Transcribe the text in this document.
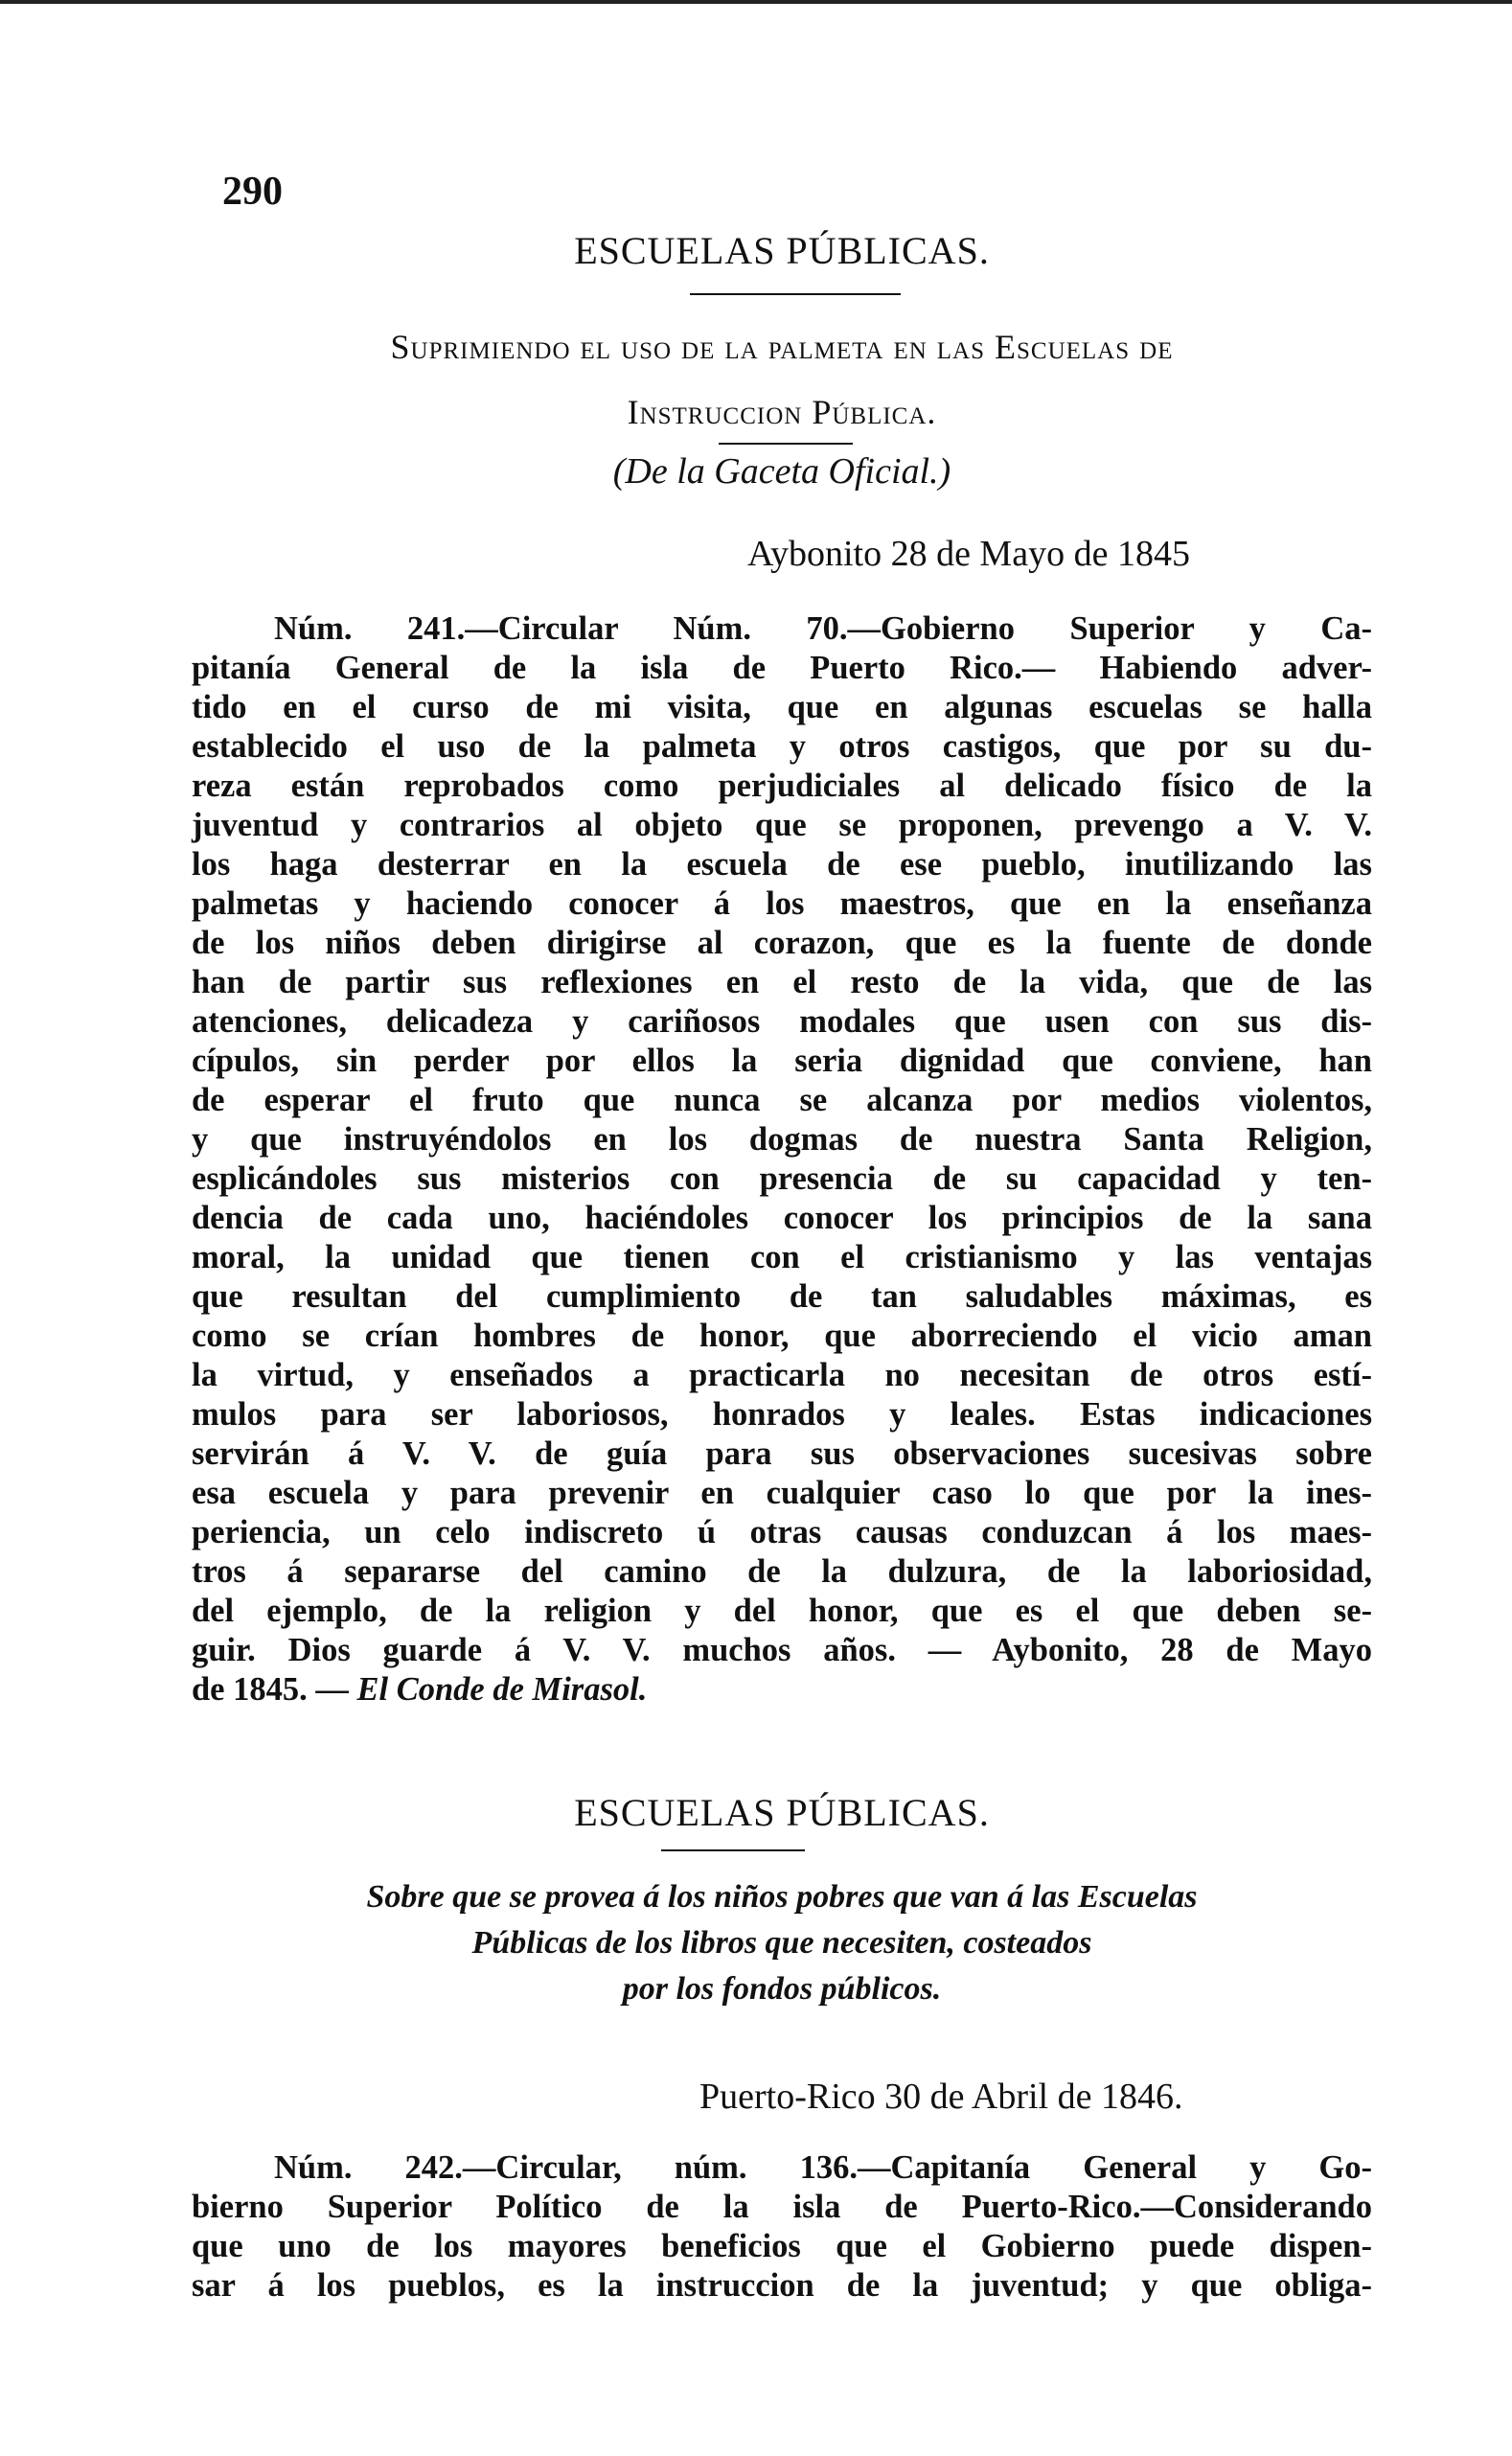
290
ESCUELAS PÚBLICAS.
Suprimiendo el uso de la palmeta en las Escuelas de
Instruccion Pública.
(De la Gaceta Oficial.)
Aybonito 28 de Mayo de 1845
Núm. 241.—Circular Núm. 70.—Gobierno Superior y Ca-
pitanía General de la isla de Puerto Rico.— Habiendo adver-
tido en el curso de mi visita, que en algunas escuelas se halla
establecido el uso de la palmeta y otros castigos, que por su du-
reza están reprobados como perjudiciales al delicado físico de la
juventud y contrarios al objeto que se proponen, prevengo a V. V.
los haga desterrar en la escuela de ese pueblo, inutilizando las
palmetas y haciendo conocer á los maestros, que en la enseñanza
de los niños deben dirigirse al corazon, que es la fuente de donde
han de partir sus reflexiones en el resto de la vida, que de las
atenciones, delicadeza y cariñosos modales que usen con sus dis-
cípulos, sin perder por ellos la seria dignidad que conviene, han
de esperar el fruto que nunca se alcanza por medios violentos,
y que instruyéndolos en los dogmas de nuestra Santa Religion,
esplicándoles sus misterios con presencia de su capacidad y ten-
dencia de cada uno, haciéndoles conocer los principios de la sana
moral, la unidad que tienen con el cristianismo y las ventajas
que resultan del cumplimiento de tan saludables máximas, es
como se crían hombres de honor, que aborreciendo el vicio aman
la virtud, y enseñados a practicarla no necesitan de otros estí-
mulos para ser laboriosos, honrados y leales. Estas indicaciones
servirán á V. V. de guía para sus observaciones sucesivas sobre
esa escuela y para prevenir en cualquier caso lo que por la ines-
periencia, un celo indiscreto ú otras causas conduzcan á los maes-
tros á separarse del camino de la dulzura, de la laboriosidad,
del ejemplo, de la religion y del honor, que es el que deben se-
guir. Dios guarde á V. V. muchos años. — Aybonito, 28 de Mayo
de 1845. — El Conde de Mirasol.
ESCUELAS PÚBLICAS.
Sobre que se provea á los niños pobres que van á las Escuelas
Públicas de los libros que necesiten, costeados
por los fondos públicos.
Puerto-Rico 30 de Abril de 1846.
Núm. 242.—Circular, núm. 136.—Capitanía General y Go-
bierno Superior Político de la isla de Puerto-Rico.—Considerando
que uno de los mayores beneficios que el Gobierno puede dispen-
sar á los pueblos, es la instruccion de la juventud; y que obliga-
